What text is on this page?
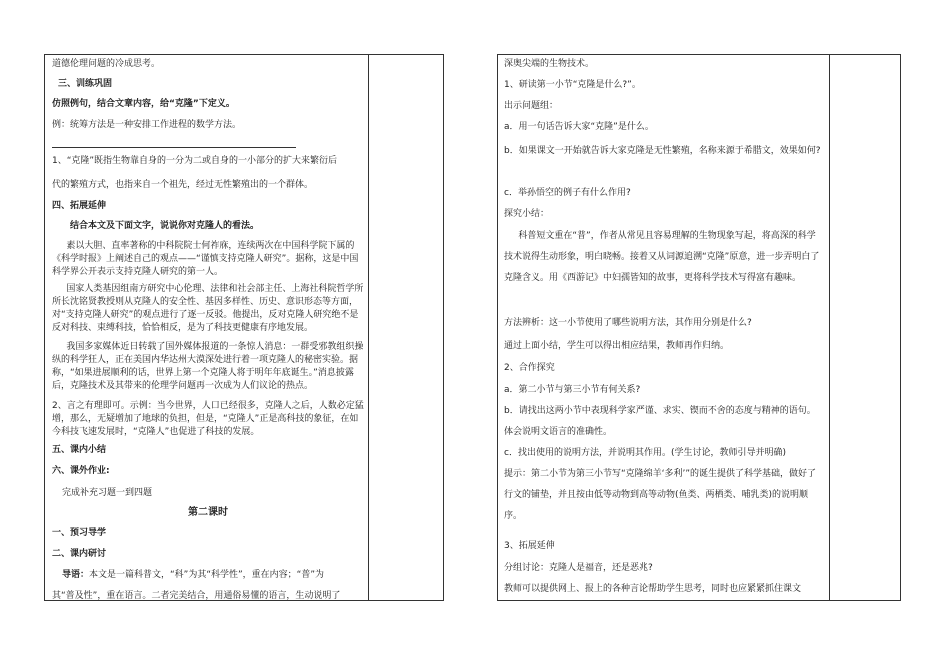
道德伦理问题的冷成思考。
三、训练巩固
仿照例句，结合文章内容，给“克隆”下定义。
例：统筹方法是一种安排工作进程的数学方法。
1、“克隆”既指生物靠自身的一分为二或自身的一小部分的扩大来繁衍后
代的繁殖方式，也指来自一个祖先，经过无性繁殖出的一个群体。
四、拓展延伸
结合本文及下面文字，说说你对克隆人的看法。
素以大胆、直率著称的中科院院士何祚庥，连续两次在中国科学院下属的《科学时报》上阐述自己的观点——“谨慎支持克隆人研究”。据称，这是中国科学界公开表示支持克隆人研究的第一人。
国家人类基因组南方研究中心伦理、法律和社会部主任、上海社科院哲学所所长沈铭贤教授则从克隆人的安全性、基因多样性、历史、意识形态等方面，对“支持克隆人研究”的观点进行了逐一反驳。他提出，反对克隆人研究绝不是反对科技、束缚科技，恰恰相反，是为了科技更健康有序地发展。
我国多家媒体近日转载了国外媒体报道的一条惊人消息：一群受邪教组织操纵的科学狂人，正在美国内华达州大漠深处进行着一项克隆人的秘密实验。据称，“如果进展顺利的话，世界上第一个克隆人将于明年年底诞生。”消息披露后，克隆技术及其带来的伦理学问题再一次成为人们议论的热点。
2、言之有理即可。示例：当今世界，人口已经很多，克隆人之后，人数必定猛增，那么，无疑增加了地球的负担，但是，“克隆人”正是高科技的象征，在如今科技飞速发展时，“克隆人”也促进了科技的发展。
五、课内小结
六、课外作业:
完成补充习题一到四题
第二课时
一、预习导学
二、课内研讨
导语：本文是一篇科普文，“科”为其“科学性”，重在内容；“普”为
其“普及性”，重在语言。二者完美结合，用通俗易懂的语言，生动说明了
深奥尖端的生物技术。
1、研读第一小节“克隆是什么?”。
出示问题组：
a．用一句话告诉大家“克隆”是什么。
b．如果课文一开始就告诉大家克隆是无性繁殖，名称来源于希腊文，效果如何?
c．举孙悟空的例子有什么作用?
探究小结：
科普短文重在“普”，作者从常见且容易理解的生物现象写起，将高深的科学技术说得生动形象，明白晓畅。接着又从词源追溯“克隆”原意，进一步弄明白了克隆含义。用《西游记》中妇孺皆知的故事，更将科学技术写得富有趣味。
方法辨析：这一小节使用了哪些说明方法，其作用分别是什么?
通过上面小结，学生可以得出相应结果，教师再作归纳。
2、合作探究
a．第二小节与第三小节有何关系?
b．请找出这两小节中表现科学家严谨、求实、锲而不舍的态度与精神的语句。体会说明文语言的准确性。
c．找出使用的说明方法，并说明其作用。(学生讨论，教师引导并明确)
提示：第二小节为第三小节写“克隆绵羊‘多利’”的诞生提供了科学基础，做好了行文的铺垫，并且按由低等动物到高等动物(鱼类、两栖类、哺乳类)的说明顺序。
3、拓展延伸
分组讨论：克隆人是福音，还是恶兆?
教师可以提供网上、报上的各种言论帮助学生思考，同时也应紧紧抓住课文
